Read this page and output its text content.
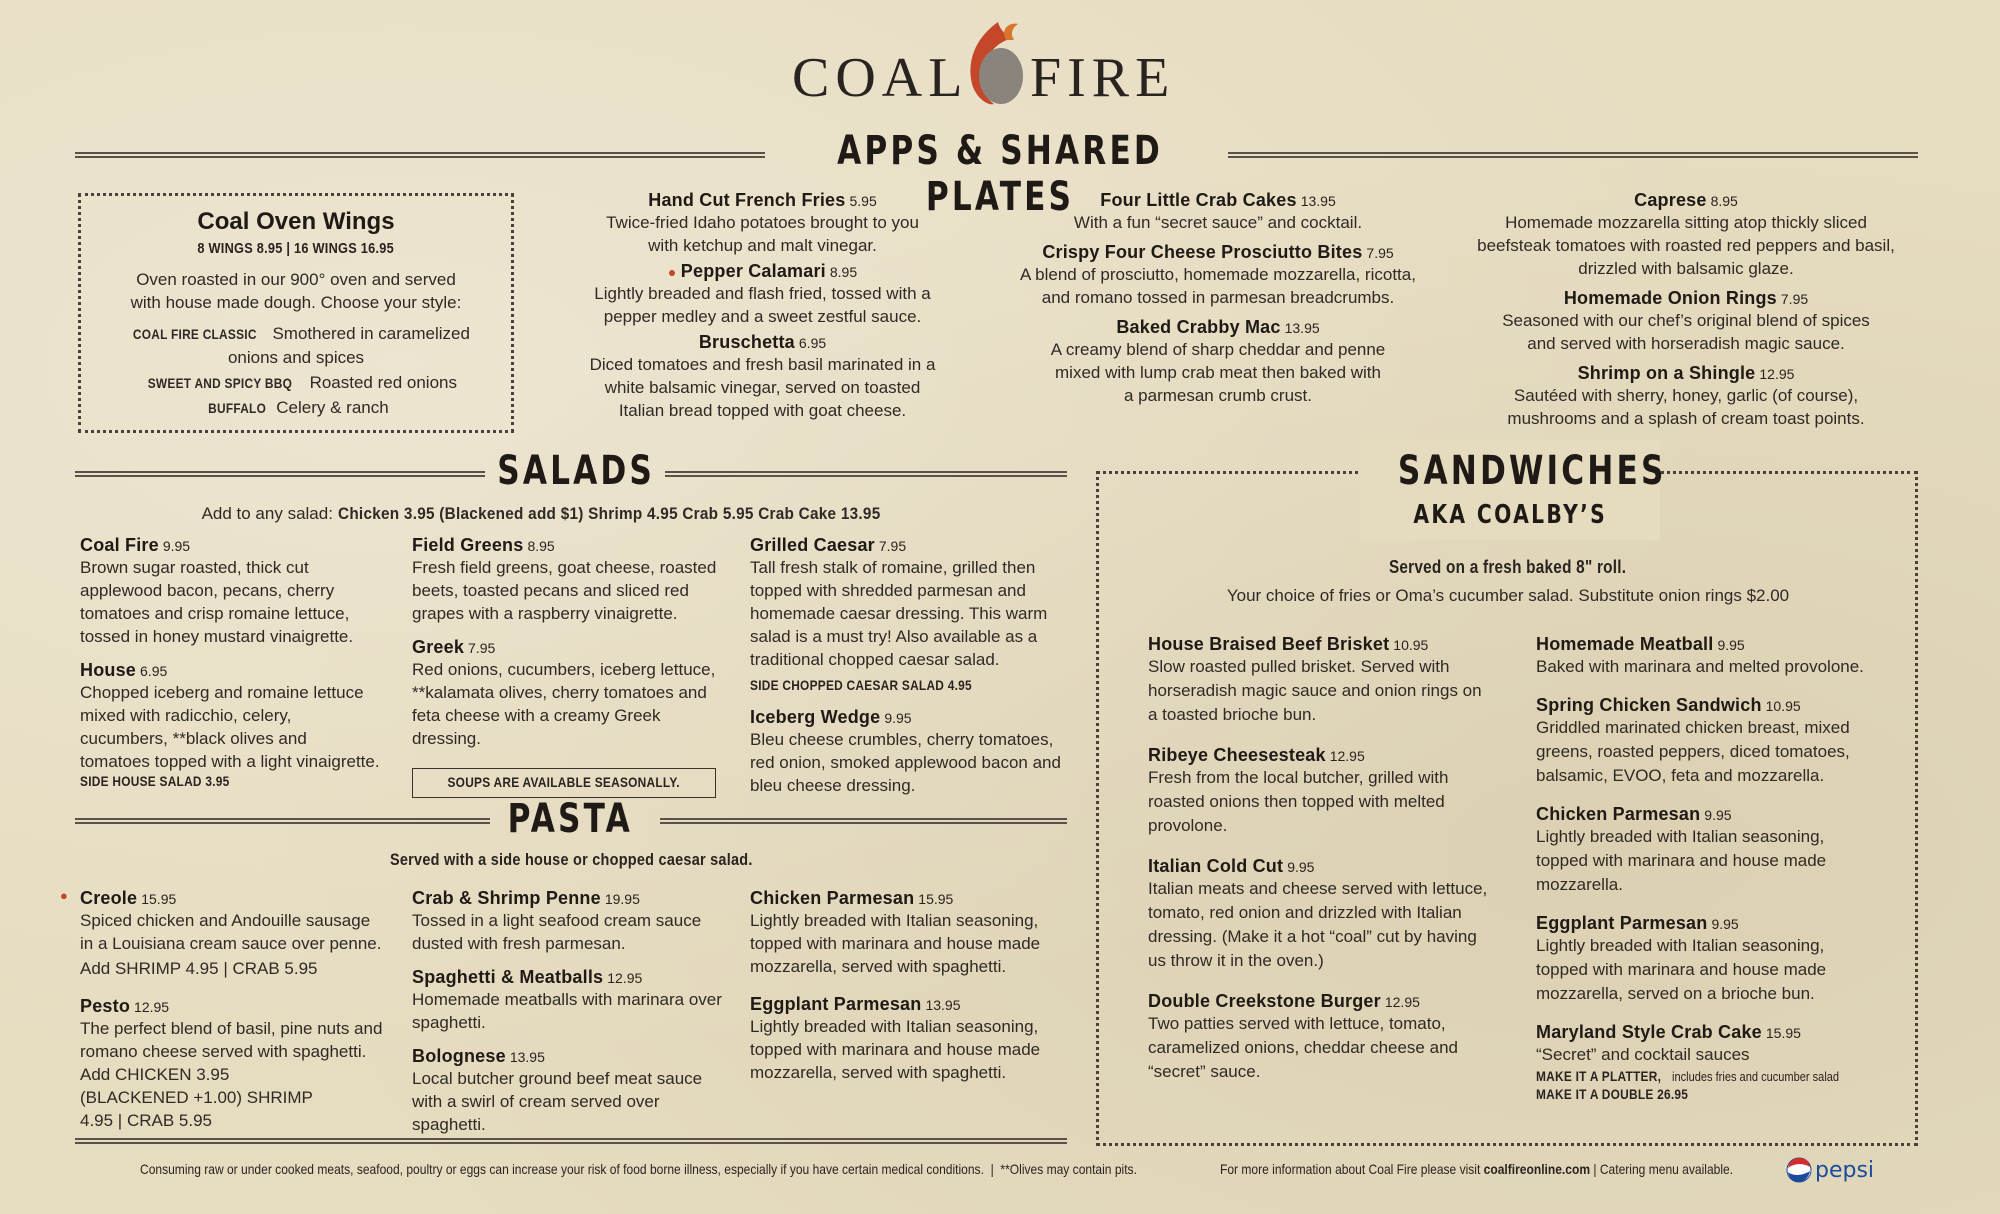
COAL FIRE
APPS & SHARED PLATES
Coal Oven Wings
8 WINGS 8.95 | 16 WINGS 16.95
Oven roasted in our 900° oven and served with house made dough. Choose your style:
COAL FIRE CLASSIC Smothered in caramelized onions and spices
SWEET AND SPICY BBQ Roasted red onions
BUFFALO Celery & ranch
Hand Cut French Fries 5.95
Twice-fried Idaho potatoes brought to you with ketchup and malt vinegar.
● Pepper Calamari 8.95
Lightly breaded and flash fried, tossed with a pepper medley and a sweet zestful sauce.
Bruschetta 6.95
Diced tomatoes and fresh basil marinated in a white balsamic vinegar, served on toasted Italian bread topped with goat cheese.
Four Little Crab Cakes 13.95
With a fun “secret sauce” and cocktail.
Crispy Four Cheese Prosciutto Bites 7.95
A blend of prosciutto, homemade mozzarella, ricotta, and romano tossed in parmesan breadcrumbs.
Baked Crabby Mac 13.95
A creamy blend of sharp cheddar and penne mixed with lump crab meat then baked with a parmesan crumb crust.
Caprese 8.95
Homemade mozzarella sitting atop thickly sliced beefsteak tomatoes with roasted red peppers and basil, drizzled with balsamic glaze.
Homemade Onion Rings 7.95
Seasoned with our chef’s original blend of spices and served with horseradish magic sauce.
Shrimp on a Shingle 12.95
Sautéed with sherry, honey, garlic (of course), mushrooms and a splash of cream toast points.
SALADS
Add to any salad: Chicken 3.95 (Blackened add $1) Shrimp 4.95 Crab 5.95 Crab Cake 13.95
Coal Fire 9.95
Brown sugar roasted, thick cut applewood bacon, pecans, cherry tomatoes and crisp romaine lettuce, tossed in honey mustard vinaigrette.
House 6.95
Chopped iceberg and romaine lettuce mixed with radicchio, celery, cucumbers, **black olives and tomatoes topped with a light vinaigrette.
SIDE HOUSE SALAD 3.95
Field Greens 8.95
Fresh field greens, goat cheese, roasted beets, toasted pecans and sliced red grapes with a raspberry vinaigrette.
Greek 7.95
Red onions, cucumbers, iceberg lettuce, **kalamata olives, cherry tomatoes and feta cheese with a creamy Greek dressing.
SOUPS ARE AVAILABLE SEASONALLY.
Grilled Caesar 7.95
Tall fresh stalk of romaine, grilled then topped with shredded parmesan and homemade caesar dressing. This warm salad is a must try! Also available as a traditional chopped caesar salad.
SIDE CHOPPED CAESAR SALAD 4.95
Iceberg Wedge 9.95
Bleu cheese crumbles, cherry tomatoes, red onion, smoked applewood bacon and bleu cheese dressing.
PASTA
Served with a side house or chopped caesar salad.
● Creole 15.95
Spiced chicken and Andouille sausage in a Louisiana cream sauce over penne.
Add SHRIMP 4.95 | CRAB 5.95
Pesto 12.95
The perfect blend of basil, pine nuts and romano cheese served with spaghetti.
Add CHICKEN 3.95 (BLACKENED +1.00) SHRIMP 4.95 | CRAB 5.95
Crab & Shrimp Penne 19.95
Tossed in a light seafood cream sauce dusted with fresh parmesan.
Spaghetti & Meatballs 12.95
Homemade meatballs with marinara over spaghetti.
Bolognese 13.95
Local butcher ground beef meat sauce with a swirl of cream served over spaghetti.
Chicken Parmesan 15.95
Lightly breaded with Italian seasoning, topped with marinara and house made mozzarella, served with spaghetti.
Eggplant Parmesan 13.95
Lightly breaded with Italian seasoning, topped with marinara and house made mozzarella, served with spaghetti.
SANDWICHES
AKA COALBY’S
Served on a fresh baked 8" roll.
Your choice of fries or Oma’s cucumber salad. Substitute onion rings $2.00
House Braised Beef Brisket 10.95
Slow roasted pulled brisket. Served with horseradish magic sauce and onion rings on a toasted brioche bun.
Ribeye Cheesesteak 12.95
Fresh from the local butcher, grilled with roasted onions then topped with melted provolone.
Italian Cold Cut 9.95
Italian meats and cheese served with lettuce, tomato, red onion and drizzled with Italian dressing. (Make it a hot “coal” cut by having us throw it in the oven.)
Double Creekstone Burger 12.95
Two patties served with lettuce, tomato, caramelized onions, cheddar cheese and “secret” sauce.
Homemade Meatball 9.95
Baked with marinara and melted provolone.
Spring Chicken Sandwich 10.95
Griddled marinated chicken breast, mixed greens, roasted peppers, diced tomatoes, balsamic, EVOO, feta and mozzarella.
Chicken Parmesan 9.95
Lightly breaded with Italian seasoning, topped with marinara and house made mozzarella.
Eggplant Parmesan 9.95
Lightly breaded with Italian seasoning, topped with marinara and house made mozzarella, served on a brioche bun.
Maryland Style Crab Cake 15.95
“Secret” and cocktail sauces
MAKE IT A PLATTER, includes fries and cucumber salad
MAKE IT A DOUBLE 26.95
Consuming raw or under cooked meats, seafood, poultry or eggs can increase your risk of food borne illness, especially if you have certain medical conditions.  |  **Olives may contain pits.	For more information about Coal Fire please visit coalfireonline.com | Catering menu available.	pepsi
